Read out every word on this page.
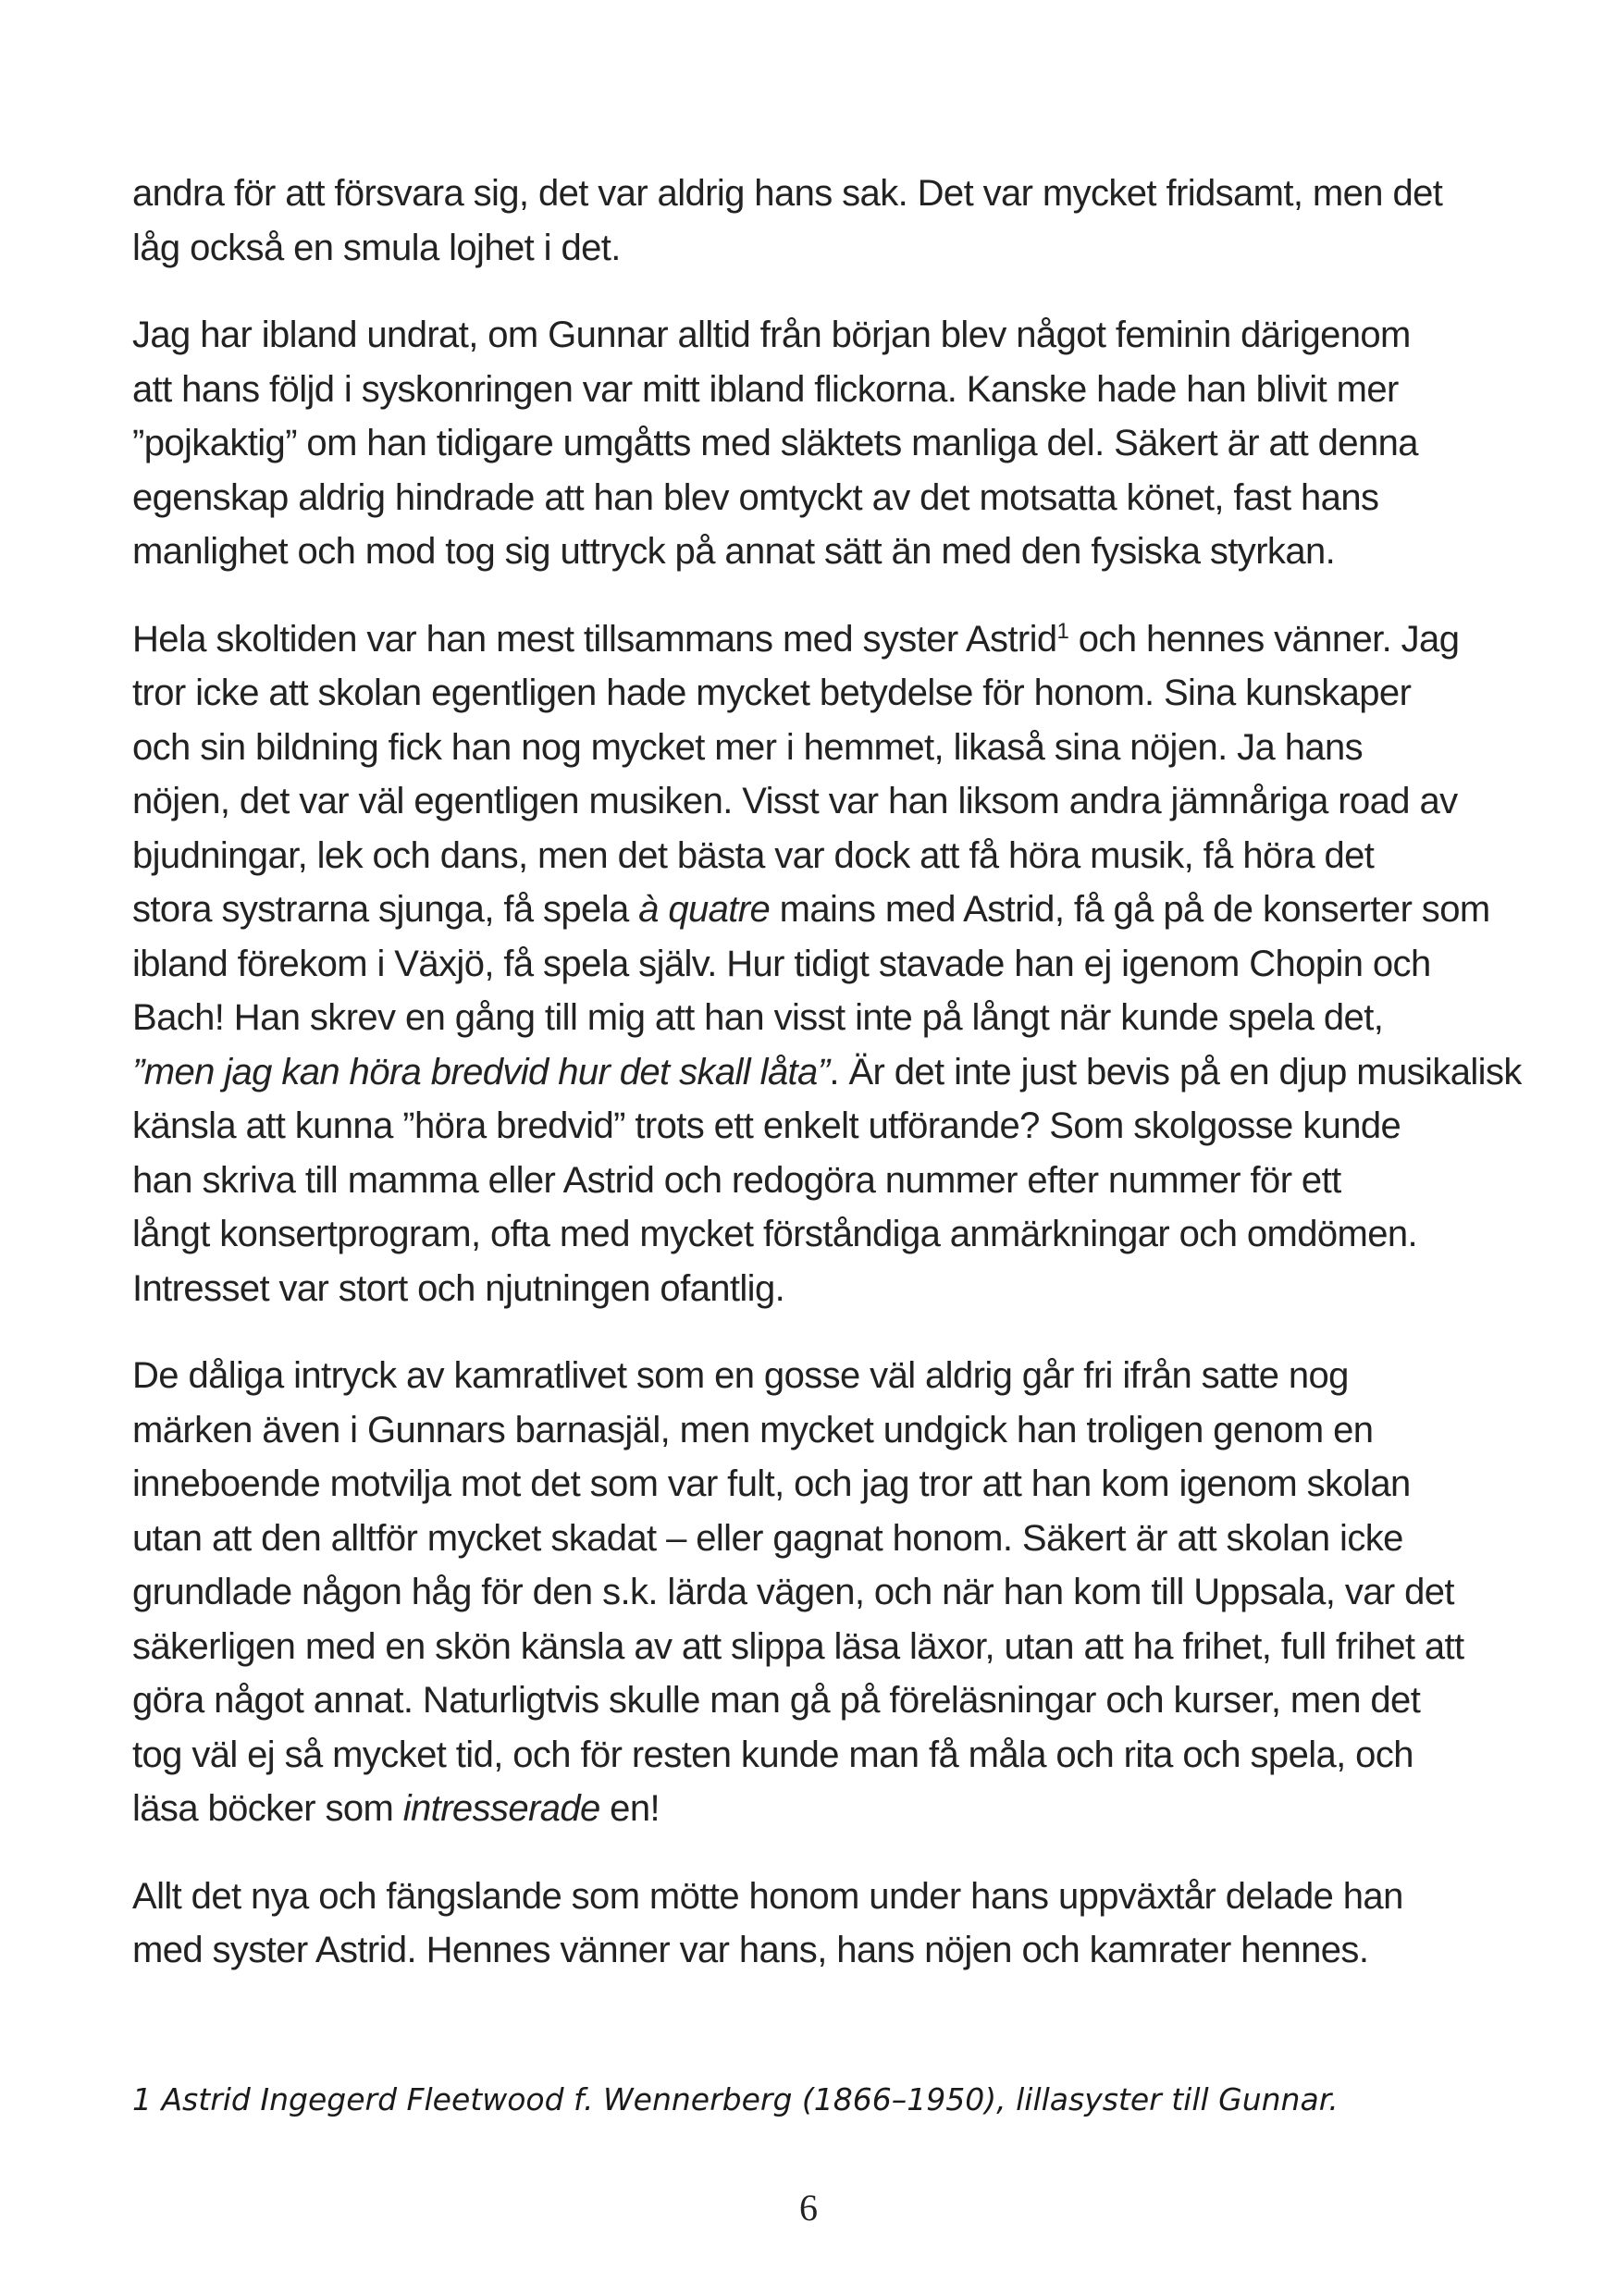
andra för att försvara sig, det var aldrig hans sak. Det var mycket fridsamt, men det
låg också en smula lojhet i det.

Jag har ibland undrat, om Gunnar alltid från början blev något feminin därigenom
att hans följd i syskonringen var mitt ibland flickorna. Kanske hade han blivit mer
”pojkaktig” om han tidigare umgåtts med släktets manliga del. Säkert är att denna
egenskap aldrig hindrade att han blev omtyckt av det motsatta könet, fast hans
manlighet och mod tog sig uttryck på annat sätt än med den fysiska styrkan.

Hela skoltiden var han mest tillsammans med syster Astrid$^1$ och hennes vänner. Jag
tror icke att skolan egentligen hade mycket betydelse för honom. Sina kunskaper
och sin bildning fick han nog mycket mer i hemmet, likaså sina nöjen. Ja hans
nöjen, det var väl egentligen musiken. Visst var han liksom andra jämnåriga road av
bjudningar, lek och dans, men det bästa var dock att få höra musik, få höra det
stora systrarna sjunga, få spela à quatre mains med Astrid, få gå på de konserter som
ibland förekom i Växjö, få spela själv. Hur tidigt stavade han ej igenom Chopin och
Bach! Han skrev en gång till mig att han visst inte på långt när kunde spela det,
”men jag kan höra bredvid hur det skall låta”. Är det inte just bevis på en djup musikalisk
känsla att kunna ”höra bredvid” trots ett enkelt utförande? Som skolgosse kunde
han skriva till mamma eller Astrid och redogöra nummer efter nummer för ett
långt konsertprogram, ofta med mycket förståndiga anmärkningar och omdömen.
Intresset var stort och njutningen ofantlig.

De dåliga intryck av kamratlivet som en gosse väl aldrig går fri ifrån satte nog
märken även i Gunnars barnasjäl, men mycket undgick han troligen genom en
inneboende motvilja mot det som var fult, och jag tror att han kom igenom skolan
utan att den alltför mycket skadat – eller gagnat honom. Säkert är att skolan icke
grundlade någon håg för den s.k. lärda vägen, och när han kom till Uppsala, var det
säkerligen med en skön känsla av att slippa läsa läxor, utan att ha frihet, full frihet att
göra något annat. Naturligtvis skulle man gå på föreläsningar och kurser, men det
tog väl ej så mycket tid, och för resten kunde man få måla och rita och spela, och
läsa böcker som intresserade en!

Allt det nya och fängslande som mötte honom under hans uppväxtår delade han
med syster Astrid. Hennes vänner var hans, hans nöjen och kamrater hennes.

1 Astrid Ingegerd Fleetwood f. Wennerberg (1866–1950), lillasyster till Gunnar.
6
